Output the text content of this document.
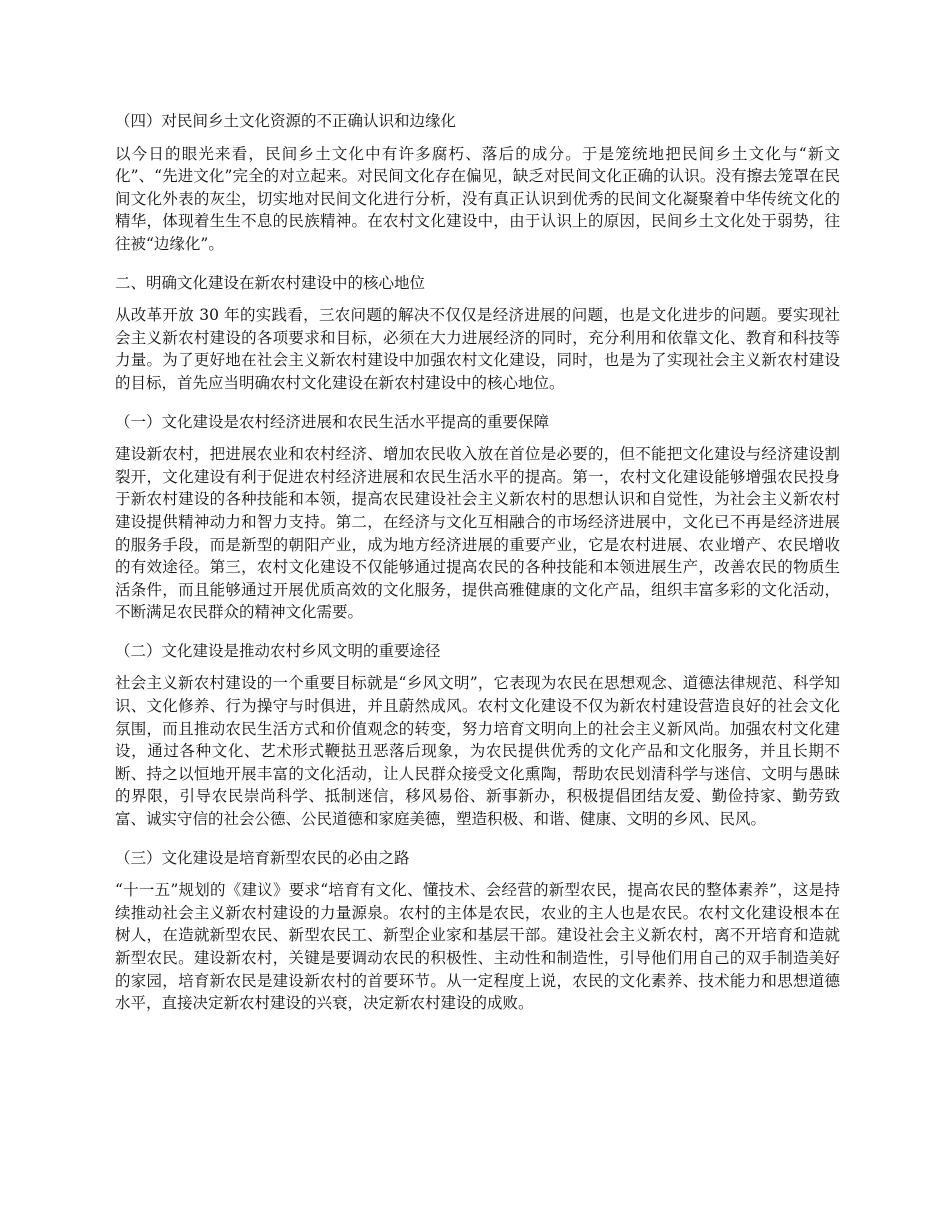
（四）对民间乡土文化资源的不正确认识和边缘化

以今日的眼光来看，民间乡土文化中有许多腐朽、落后的成分。于是笼统地把民间乡土文化与“新文化”、“先进文化”完全的对立起来。对民间文化存在偏见，缺乏对民间文化正确的认识。没有擦去笼罩在民间文化外表的灰尘，切实地对民间文化进行分析，没有真正认识到优秀的民间文化凝聚着中华传统文化的精华，体现着生生不息的民族精神。在农村文化建设中，由于认识上的原因，民间乡土文化处于弱势，往往被“边缘化”。

二、明确文化建设在新农村建设中的核心地位

从改革开放 30 年的实践看，三农问题的解决不仅仅是经济进展的问题，也是文化进步的问题。要实现社会主义新农村建设的各项要求和目标，必须在大力进展经济的同时，充分利用和依靠文化、教育和科技等力量。为了更好地在社会主义新农村建设中加强农村文化建设，同时，也是为了实现社会主义新农村建设的目标，首先应当明确农村文化建设在新农村建设中的核心地位。

（一）文化建设是农村经济进展和农民生活水平提高的重要保障

建设新农村，把进展农业和农村经济、增加农民收入放在首位是必要的，但不能把文化建设与经济建设割裂开，文化建设有利于促进农村经济进展和农民生活水平的提高。第一，农村文化建设能够增强农民投身于新农村建设的各种技能和本领，提高农民建设社会主义新农村的思想认识和自觉性，为社会主义新农村建设提供精神动力和智力支持。第二，在经济与文化互相融合的市场经济进展中，文化已不再是经济进展的服务手段，而是新型的朝阳产业，成为地方经济进展的重要产业，它是农村进展、农业增产、农民增收的有效途径。第三，农村文化建设不仅能够通过提高农民的各种技能和本领进展生产，改善农民的物质生活条件，而且能够通过开展优质高效的文化服务，提供高雅健康的文化产品，组织丰富多彩的文化活动，不断满足农民群众的精神文化需要。

（二）文化建设是推动农村乡风文明的重要途径

社会主义新农村建设的一个重要目标就是“乡风文明”，它表现为农民在思想观念、道德法律规范、科学知识、文化修养、行为操守与时俱进，并且蔚然成风。农村文化建设不仅为新农村建设营造良好的社会文化氛围，而且推动农民生活方式和价值观念的转变，努力培育文明向上的社会主义新风尚。加强农村文化建设，通过各种文化、艺术形式鞭挞丑恶落后现象，为农民提供优秀的文化产品和文化服务，并且长期不断、持之以恒地开展丰富的文化活动，让人民群众接受文化熏陶，帮助农民划清科学与迷信、文明与愚昧的界限，引导农民崇尚科学、抵制迷信，移风易俗、新事新办，积极提倡团结友爱、勤俭持家、勤劳致富、诚实守信的社会公德、公民道德和家庭美德，塑造积极、和谐、健康、文明的乡风、民风。

（三）文化建设是培育新型农民的必由之路

“十一五”规划的《建议》要求“培育有文化、懂技术、会经营的新型农民，提高农民的整体素养”，这是持续推动社会主义新农村建设的力量源泉。农村的主体是农民，农业的主人也是农民。农村文化建设根本在树人，在造就新型农民、新型农民工、新型企业家和基层干部。建设社会主义新农村，离不开培育和造就新型农民。建设新农村，关键是要调动农民的积极性、主动性和制造性，引导他们用自己的双手制造美好的家园，培育新农民是建设新农村的首要环节。从一定程度上说，农民的文化素养、技术能力和思想道德水平，直接决定新农村建设的兴衰，决定新农村建设的成败。
